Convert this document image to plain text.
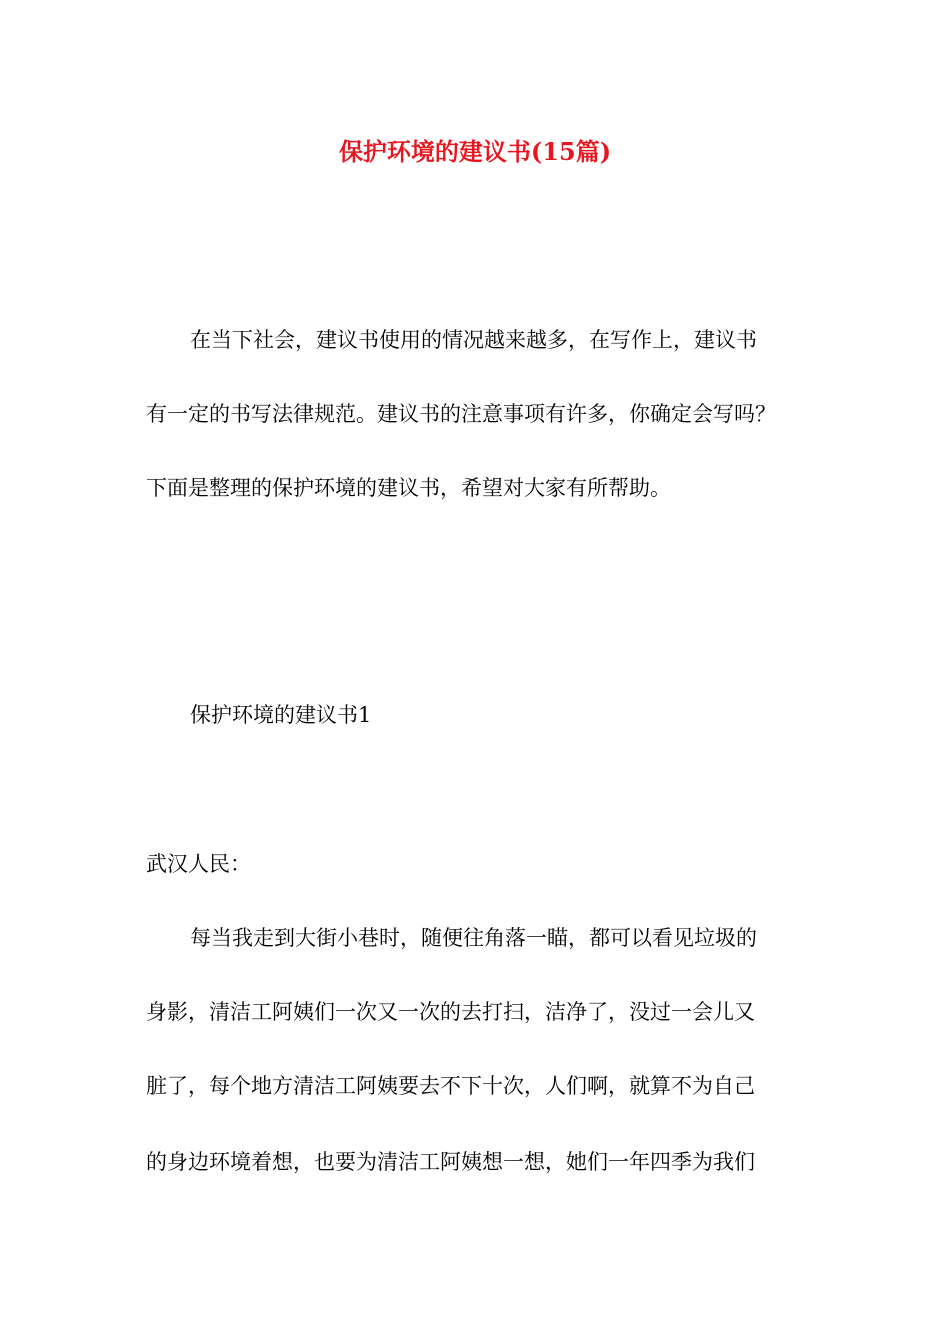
保护环境的建议书(15篇)
在当下社会，建议书使用的情况越来越多，在写作上，建议书
有一定的书写法律规范。建议书的注意事项有许多，你确定会写吗？
下面是整理的保护环境的建议书，希望对大家有所帮助。
保护环境的建议书1
武汉人民：
每当我走到大街小巷时，随便往角落一瞄，都可以看见垃圾的
身影，清洁工阿姨们一次又一次的去打扫，洁净了，没过一会儿又
脏了，每个地方清洁工阿姨要去不下十次，人们啊，就算不为自己
的身边环境着想，也要为清洁工阿姨想一想，她们一年四季为我们
